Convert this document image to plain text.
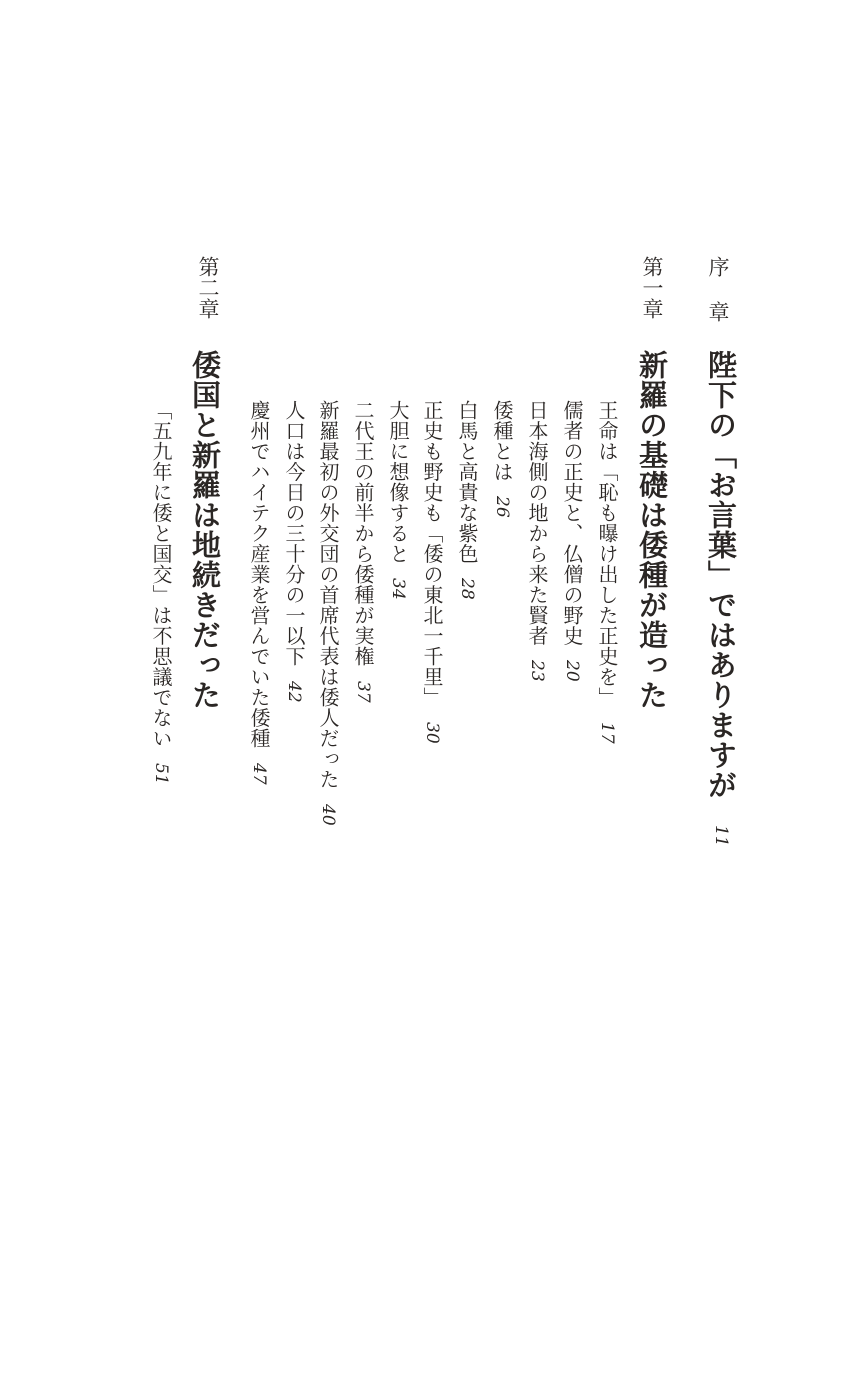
序章
陛下の「お言葉」ではありますが
11
第一章
新羅の基礎は倭種が造った
王命は「恥も曝け出した正史を」17
儒者の正史と、仏僧の野史20
日本海側の地から来た賢者23
倭種とは26
白馬と高貴な紫色28
正史も野史も「倭の東北一千里」30
大胆に想像すると34
二代王の前半から倭種が実権37
新羅最初の外交団の首席代表は倭人だった40
人口は今日の三十分の一以下42
慶州でハイテク産業を営んでいた倭種47
第二章
倭国と新羅は地続きだった
「五九年に倭と国交」は不思議でない51
